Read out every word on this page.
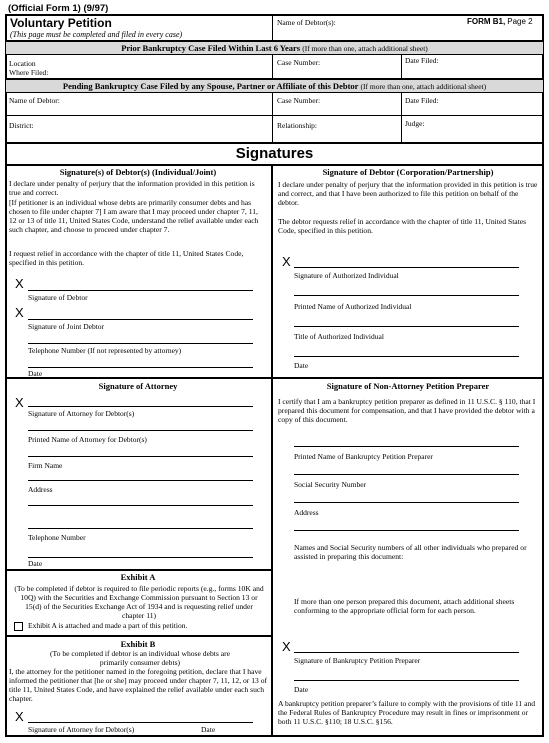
(Official Form 1) (9/97)
Voluntary Petition
(This page must be completed and filed in every case)
Name of Debtor(s):	FORM B1, Page 2
Prior Bankruptcy Case Filed Within Last 6 Years (If more than one, attach additional sheet)
Location
Where Filed:
Case Number:	Date Filed:
Pending Bankruptcy Case Filed by any Spouse, Partner or Affiliate of this Debtor (If more than one, attach additional sheet)
Name of Debtor:	Case Number:	Date Filed:
District:	Relationship:	Judge:
Signatures
Signature(s) of Debtor(s) (Individual/Joint)
I declare under penalty of perjury that the information provided in this petition is true and correct.
[If petitioner is an individual whose debts are primarily consumer debts and has chosen to file under chapter 7] I am aware that I may proceed under chapter 7, 11, 12 or 13 of title 11, United States Code, understand the relief available under each such chapter, and choose to proceed under chapter 7.
I request relief in accordance with the chapter of title 11, United States Code, specified in this petition.
X
Signature of Debtor
X
Signature of Joint Debtor
Telephone Number (If not represented by attorney)
Date
Signature of Debtor (Corporation/Partnership)
I declare under penalty of perjury that the information provided in this petition is true and correct, and that I have been authorized to file this petition on behalf of the debtor.
The debtor requests relief in accordance with the chapter of title 11, United States Code, specified in this petition.
X
Signature of Authorized Individual
Printed Name of Authorized Individual
Title of Authorized Individual
Date
Signature of Attorney
X
Signature of Attorney for Debtor(s)
Printed Name of Attorney for Debtor(s)
Firm Name
Address
Telephone Number
Date
Signature of Non-Attorney Petition Preparer
I certify that I am a bankruptcy petition preparer as defined in 11 U.S.C. § 110, that I prepared this document for compensation, and that I have provided the debtor with a copy of this document.
Printed Name of Bankruptcy Petition Preparer
Social Security Number
Address
Names and Social Security numbers of all other individuals who prepared or assisted in preparing this document:
If more than one person prepared this document, attach additional sheets conforming to the appropriate official form for each person.
X
Signature of Bankruptcy Petition Preparer
Date
A bankruptcy petition preparer’s failure to comply with the provisions of title 11 and the Federal Rules of Bankruptcy Procedure may result in fines or imprisonment or both 11 U.S.C. §110; 18 U.S.C. §156.
Exhibit A
(To be completed if debtor is required to file periodic reports (e.g., forms 10K and 10Q) with the Securities and Exchange Commission pursuant to Section 13 or 15(d) of the Securities Exchange Act of 1934 and is requesting relief under chapter 11)
Exhibit A is attached and made a part of this petition.
Exhibit B
(To be completed if debtor is an individual whose debts are primarily consumer debts)
I, the attorney for the petitioner named in the foregoing petition, declare that I have informed the petitioner that [he or she] may proceed under chapter 7, 11, 12, or 13 of title 11, United States Code, and have explained the relief available under each such chapter.
X
Signature of Attorney for Debtor(s)	Date
